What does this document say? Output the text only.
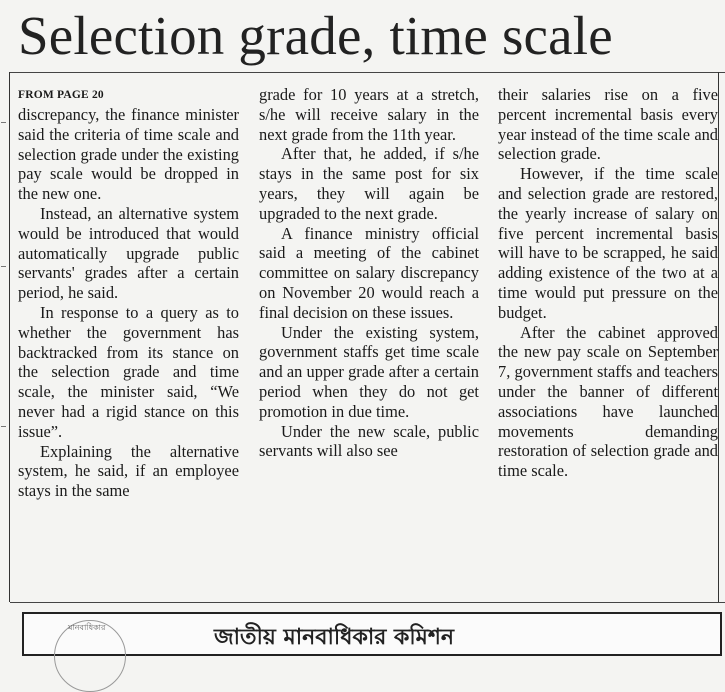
Selection grade, time scale
FROM PAGE 20

discrepancy, the finance minister said the criteria of time scale and selection grade under the existing pay scale would be dropped in the new one.

Instead, an alternative system would be introduced that would automatically upgrade public servants' grades after a certain period, he said.

In response to a query as to whether the government has backtracked from its stance on the selection grade and time scale, the minister said, “We never had a rigid stance on this issue”.

Explaining the alternative system, he said, if an employee stays in the same

grade for 10 years at a stretch, s/he will receive salary in the next grade from the 11th year.

After that, he added, if s/he stays in the same post for six years, they will again be upgraded to the next grade.

A finance ministry official said a meeting of the cabinet committee on salary discrepancy on November 20 would reach a final decision on these issues.

Under the existing system, government staffs get time scale and an upper grade after a certain period when they do not get promotion in due time.

Under the new scale, public servants will also see

their salaries rise on a five percent incremental basis every year instead of the time scale and selection grade.

However, if the time scale and selection grade are restored, the yearly increase of salary on five percent incremental basis will have to be scrapped, he said adding existence of the two at a time would put pressure on the budget.

After the cabinet approved the new pay scale on September 7, government staffs and teachers under the banner of different associations have launched movements demanding restoration of selection grade and time scale.

মানবাধিকার	জাতীয় মানবাধিকার কমিশন
